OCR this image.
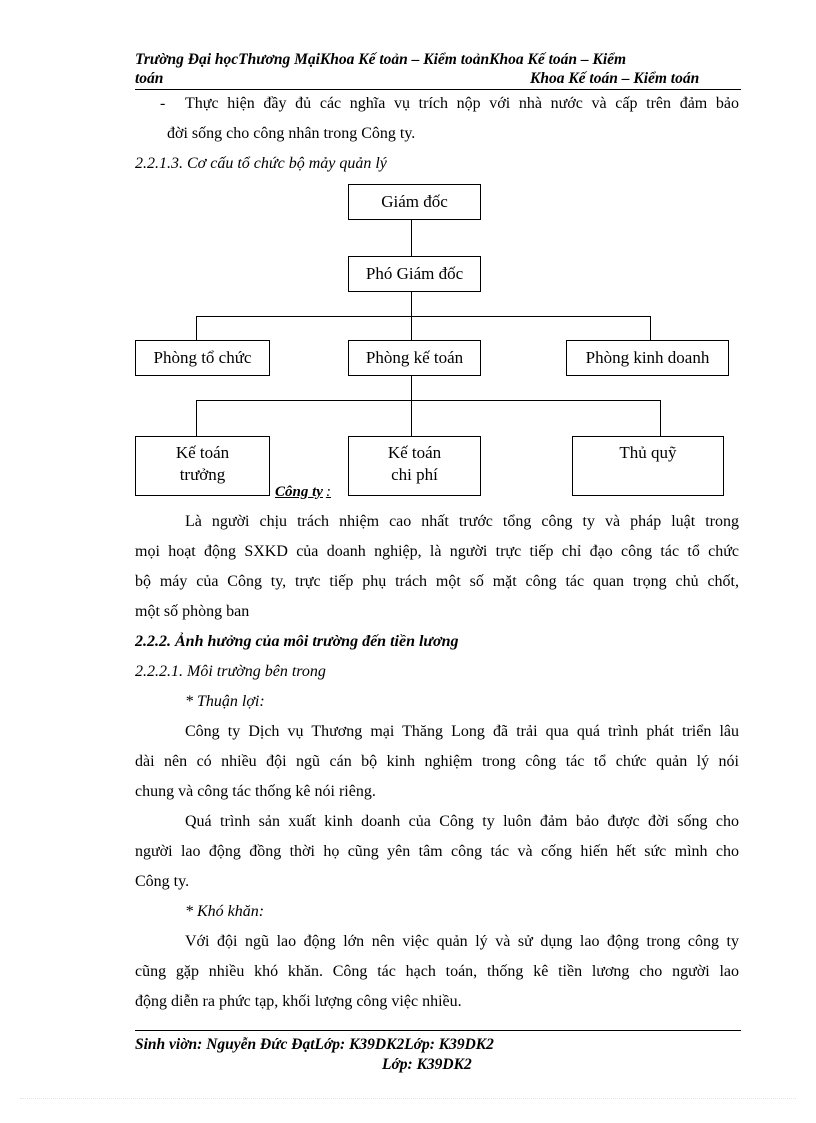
Trường Đại họcThương MạiKhoa Kế toản – Kiểm toảnKhoa Kế toán – Kiểm
toán	Khoa Kế toán – Kiểm toán
- Thực hiện đầy đủ các nghĩa vụ trích nộp với nhà nước và cấp trên đảm bảo
đời sống cho công nhân trong Công ty.
2.2.1.3. Cơ cấu tổ chức bộ mảy quản lý
Giám đốc
Phó Giám đốc
Phòng tổ chức	Phòng kế toán	Phòng kinh doanh
Kế toán
trưởng
Kế toán
chi phí
Thủ quỹ
Công ty :
Là người chịu trách nhiệm cao nhất trước tổng công ty và pháp luật trong
mọi hoạt động SXKD của doanh nghiệp, là người trực tiếp chỉ đạo công tác tổ chức
bộ máy của Công ty, trực tiếp phụ trách một số mặt công tác quan trọng chủ chốt,
một số phòng ban
2.2.2. Ảnh hưởng của môi trường đến tiền lương
2.2.2.1. Môi trường bên trong
* Thuận lợi:
Công ty Dịch vụ Thương mại Thăng Long đã trải qua quá trình phát triển lâu
dài nên có nhiều đội ngũ cán bộ kinh nghiệm trong công tác tổ chức quản lý nói
chung và công tác thống kê nói riêng.
Quá trình sản xuất kinh doanh của Công ty luôn đảm bảo được đời sống cho
người lao động đồng thời họ cũng yên tâm công tác và cống hiến hết sức mình cho
Công ty.
* Khó khăn:
Với đội ngũ lao động lớn nên việc quản lý và sử dụng lao động trong công ty
cũng gặp nhiều khó khăn. Công tác hạch toán, thống kê tiền lương cho người lao
động diễn ra phức tạp, khối lượng công việc nhiều.
Sinh viờn: Nguyễn Đức ĐạtLớp: K39DK2Lớp: K39DK2
Lớp: K39DK2
